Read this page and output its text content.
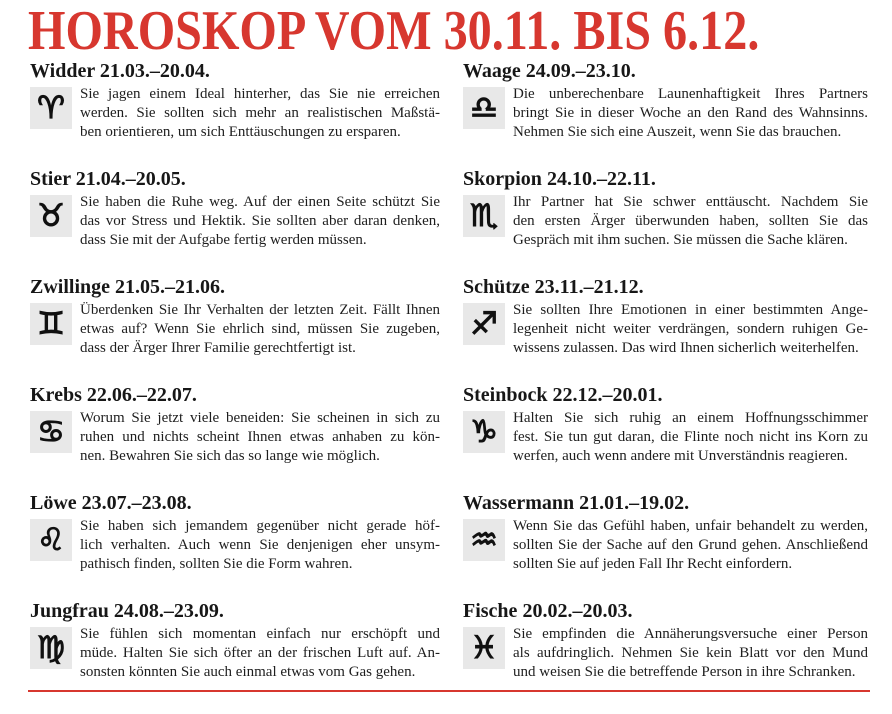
HOROSKOP VOM 30.11. BIS 6.12.
Widder 21.03.–20.04.
♈︎	Sie jagen einem Ideal hinterher, das Sie nie erreichen
werden. Sie sollten sich mehr an realistischen Maßstä-
ben orientieren, um sich Enttäuschungen zu ersparen.
Stier 21.04.–20.05.
♉︎	Sie haben die Ruhe weg. Auf der einen Seite schützt Sie
das vor Stress und Hektik. Sie sollten aber daran denken,
dass Sie mit der Aufgabe fertig werden müssen.
Zwillinge 21.05.–21.06.
♊︎	Überdenken Sie Ihr Verhalten der letzten Zeit. Fällt Ihnen
etwas auf? Wenn Sie ehrlich sind, müssen Sie zugeben,
dass der Ärger Ihrer Familie gerechtfertigt ist.
Krebs 22.06.–22.07.
♋︎	Worum Sie jetzt viele beneiden: Sie scheinen in sich zu
ruhen und nichts scheint Ihnen etwas anhaben zu kön-
nen. Bewahren Sie sich das so lange wie möglich.
Löwe 23.07.–23.08.
♌︎	Sie haben sich jemandem gegenüber nicht gerade höf-
lich verhalten. Auch wenn Sie denjenigen eher unsym-
pathisch finden, sollten Sie die Form wahren.
Jungfrau 24.08.–23.09.
♍︎	Sie fühlen sich momentan einfach nur erschöpft und
müde. Halten Sie sich öfter an der frischen Luft auf. An-
sonsten könnten Sie auch einmal etwas vom Gas gehen.
Waage 24.09.–23.10.
♎︎	Die unberechenbare Launenhaftigkeit Ihres Partners
bringt Sie in dieser Woche an den Rand des Wahnsinns.
Nehmen Sie sich eine Auszeit, wenn Sie das brauchen.
Skorpion 24.10.–22.11.
♏︎	Ihr Partner hat Sie schwer enttäuscht. Nachdem Sie
den ersten Ärger überwunden haben, sollten Sie das
Gespräch mit ihm suchen. Sie müssen die Sache klären.
Schütze 23.11.–21.12.
♐︎	Sie sollten Ihre Emotionen in einer bestimmten Ange-
legenheit nicht weiter verdrängen, sondern ruhigen Ge-
wissens zulassen. Das wird Ihnen sicherlich weiterhelfen.
Steinbock 22.12.–20.01.
♑︎	Halten Sie sich ruhig an einem Hoffnungsschimmer
fest. Sie tun gut daran, die Flinte noch nicht ins Korn zu
werfen, auch wenn andere mit Unverständnis reagieren.
Wassermann 21.01.–19.02.
♒︎	Wenn Sie das Gefühl haben, unfair behandelt zu werden,
sollten Sie der Sache auf den Grund gehen. Anschließend
sollten Sie auf jeden Fall Ihr Recht einfordern.
Fische 20.02.–20.03.
♓︎	Sie empfinden die Annäherungsversuche einer Person
als aufdringlich. Nehmen Sie kein Blatt vor den Mund
und weisen Sie die betreffende Person in ihre Schranken.
